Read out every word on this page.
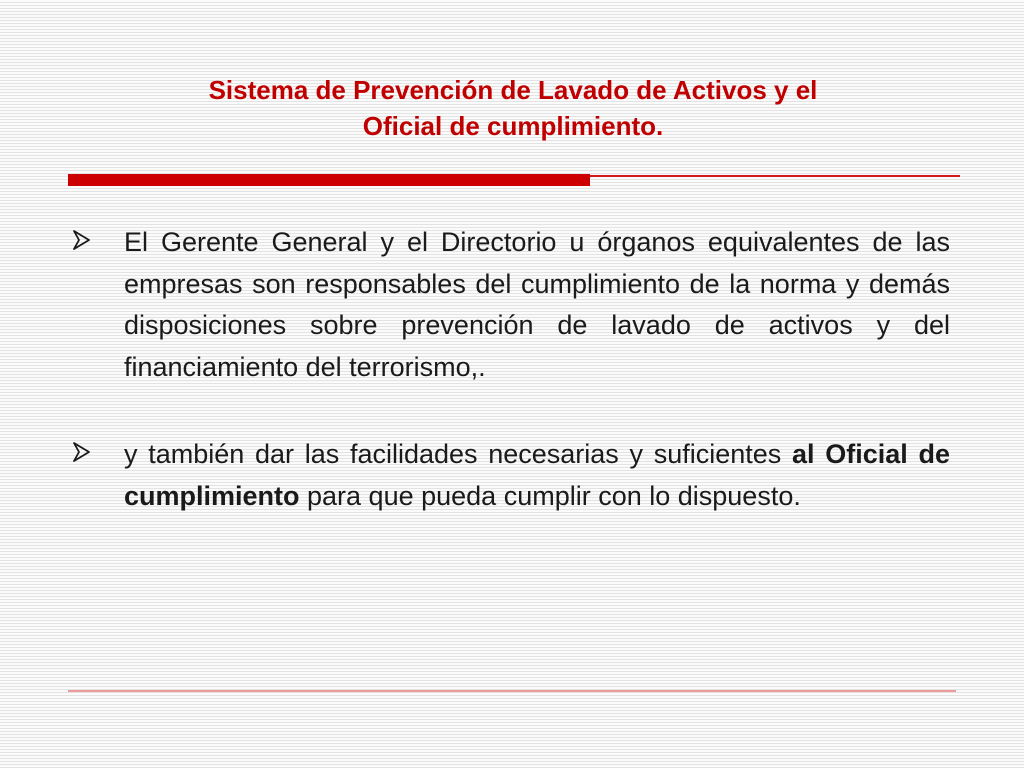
Sistema de Prevención de Lavado de Activos y el
Oficial de cumplimiento.
El Gerente General y el Directorio u órganos equivalentes de las empresas son responsables del cumplimiento de la norma y demás disposiciones sobre prevención de lavado de activos y del financiamiento del terrorismo,.
y también dar las facilidades necesarias y suficientes al Oficial de cumplimiento para que pueda cumplir con lo dispuesto.
